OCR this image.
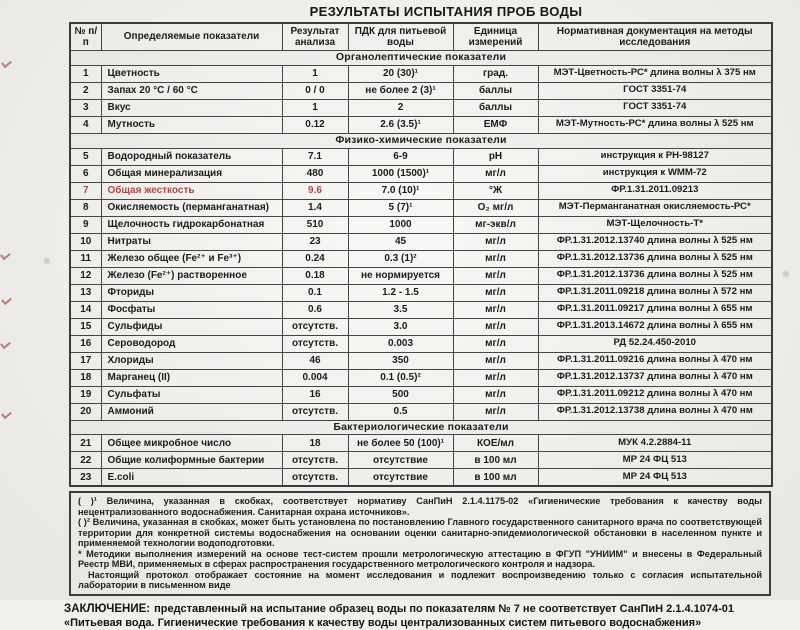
РЕЗУЛЬТАТЫ ИСПЫТАНИЯ ПРОБ ВОДЫ
№ п/п	Определяемые показатели	Результат анализа	ПДК для питьевой воды	Единица измерений	Нормативная документация на методы исследования
Органолептические показатели					
1	Цветность	1	20 (30)¹	град.	МЭТ-Цветность-РС* длина волны λ 375 нм
2	Запах 20 °С / 60 °С	0 / 0	не более 2 (3)¹	баллы	ГОСТ 3351-74
3	Вкус	1	2	баллы	ГОСТ 3351-74
4	Мутность	0.12	2.6 (3.5)¹	ЕМФ	МЭТ-Мутность-РС* длина волны λ 525 нм
Физико-химические показатели					
5	Водородный показатель	7.1	6-9	рН	инструкция к РН-98127
6	Общая минерализация	480	1000 (1500)¹	мг/л	инструкция к WMM-72
7	Общая жесткость	9.6	7.0 (10)¹	°Ж	ФР.1.31.2011.09213
8	Окисляемость (перманганатная)	1.4	5 (7)¹	О₂ мг/л	МЭТ-Перманганатная окисляемость-РС*
9	Щелочность гидрокарбонатная	510	1000	мг-экв/л	МЭТ-Щелочность-Т*
10	Нитраты	23	45	мг/л	ФР.1.31.2012.13740 длина волны λ 525 нм
11	Железо общее (Fe²⁺ и Fe³⁺)	0.24	0.3 (1)²	мг/л	ФР.1.31.2012.13736 длина волны λ 525 нм
12	Железо (Fe²⁺) растворенное	0.18	не нормируется	мг/л	ФР.1.31.2012.13736 длина волны λ 525 нм
13	Фториды	0.1	1.2 - 1.5	мг/л	ФР.1.31.2011.09218 длина волны λ 572 нм
14	Фосфаты	0.6	3.5	мг/л	ФР.1.31.2011.09217 длина волны λ 655 нм
15	Сульфиды	отсутств.	3.0	мг/л	ФР.1.31.2013.14672 длина волны λ 655 нм
16	Сероводород	отсутств.	0.003	мг/л	РД 52.24.450-2010
17	Хлориды	46	350	мг/л	ФР.1.31.2011.09216 длина волны λ 470 нм
18	Марганец (II)	0.004	0.1 (0.5)²	мг/л	ФР.1.31.2012.13737 длина волны λ 470 нм
19	Сульфаты	16	500	мг/л	ФР.1.31.2011.09212 длина волны λ 470 нм
20	Аммоний	отсутств.	0.5	мг/л	ФР.1.31.2012.13738 длина волны λ 470 нм
Бактериологические показатели					
21	Общее микробное число	18	не более 50 (100)¹	КОЕ/мл	МУК 4.2.2884-11
22	Общие колиформные бактерии	отсутств.	отсутствие	в 100 мл	МР 24 ФЦ 513
23	E.coli	отсутств.	отсутствие	в 100 мл	МР 24 ФЦ 513

( )¹ Величина, указанная в скобках, соответствует нормативу СанПиН 2.1.4.1175-02 «Гигиенические требования к качеству воды нецентрализованного водоснабжения. Санитарная охрана источников».

( )² Величина, указанная в скобках, может быть установлена по постановлению Главного государственного санитарного врача по соответствующей территории для конкретной системы водоснабжения на основании оценки санитарно-эпидемиологической обстановки в населенном пункте и применяемой технологии водоподготовки.

* Методики выполнения измерений на основе тест-систем прошли метрологическую аттестацию в ФГУП "УНИИМ" и внесены в Федеральный Реестр МВИ, применяемых в сферах распространения государственного метрологического контроля и надзора.

Настоящий протокол отображает состояние на момент исследования и подлежит воспроизведению только с согласия испытательной лаборатории в письменном виде

ЗАКЛЮЧЕНИЕ: представленный на испытание образец воды по показателям № 7 не соответствует СанПиН 2.1.4.1074-01 «Питьевая вода. Гигиенические требования к качеству воды централизованных систем питьевого водоснабжения»
